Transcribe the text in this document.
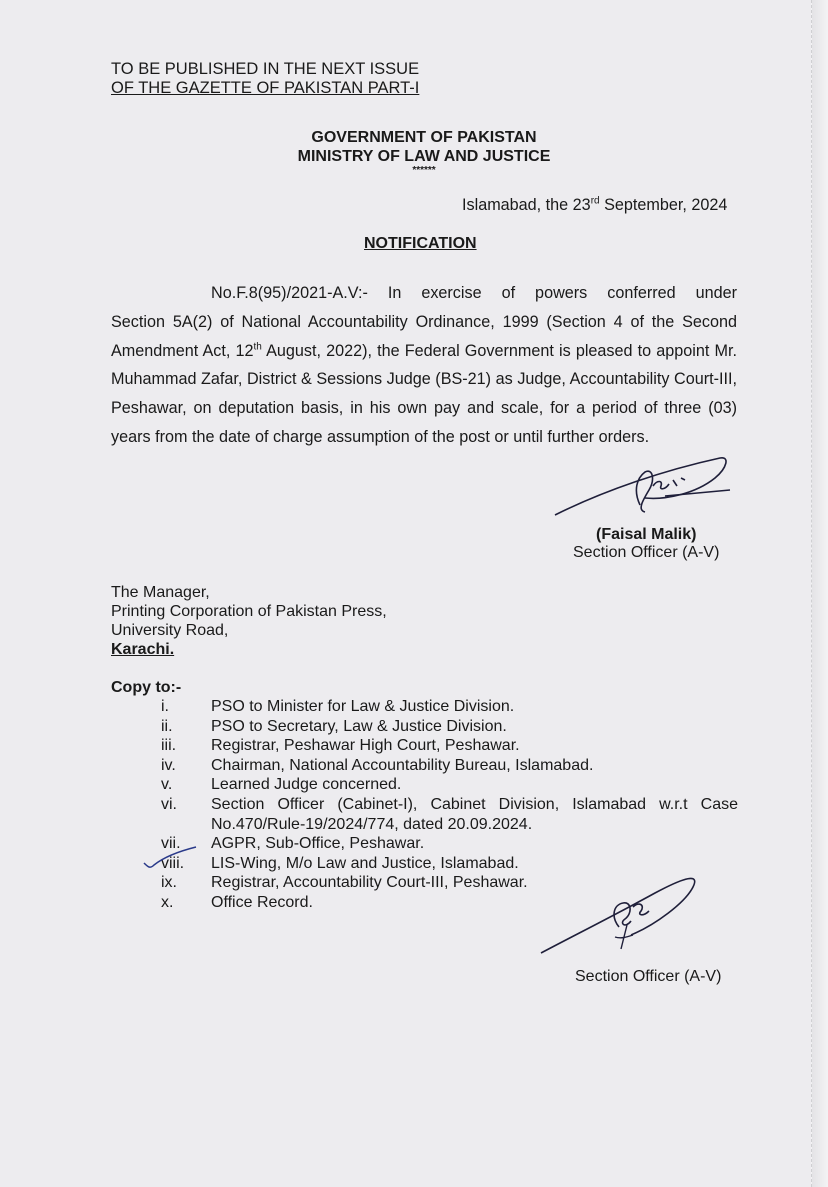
TO BE PUBLISHED IN THE NEXT ISSUE
OF THE GAZETTE OF PAKISTAN PART-I
GOVERNMENT OF PAKISTAN
MINISTRY OF LAW AND JUSTICE
******
Islamabad, the 23rd September, 2024
NOTIFICATION
No.F.8(95)/2021-A.V:- In exercise of powers conferred underSection 5A(2) of National Accountability Ordinance, 1999 (Section 4 of the Second Amendment Act, 12th August, 2022), the Federal Government is pleased to appoint Mr. Muhammad Zafar, District & Sessions Judge (BS-21) as Judge, Accountability Court-III, Peshawar, on deputation basis, in his own pay and scale, for a period of three (03) years from the date of charge assumption of the post or until further orders.
(Faisal Malik)
Section Officer (A-V)
The Manager,
Printing Corporation of Pakistan Press,
University Road,
Karachi.
Copy to:-
i.	PSO to Minister for Law & Justice Division.
ii. PSO to Secretary, Law & Justice Division.
iii. Registrar, Peshawar High Court, Peshawar.
iv. Chairman, National Accountability Bureau, Islamabad.
v. Learned Judge concerned.
vi. Section Officer (Cabinet-I), Cabinet Division, Islamabad w.r.t Case
No.470/Rule-19/2024/774, dated 20.09.2024.
vii. AGPR, Sub-Office, Peshawar.
viii. LIS-Wing, M/o Law and Justice, Islamabad.
ix. Registrar, Accountability Court-III, Peshawar.
x. Office Record.
Section Officer (A-V)
